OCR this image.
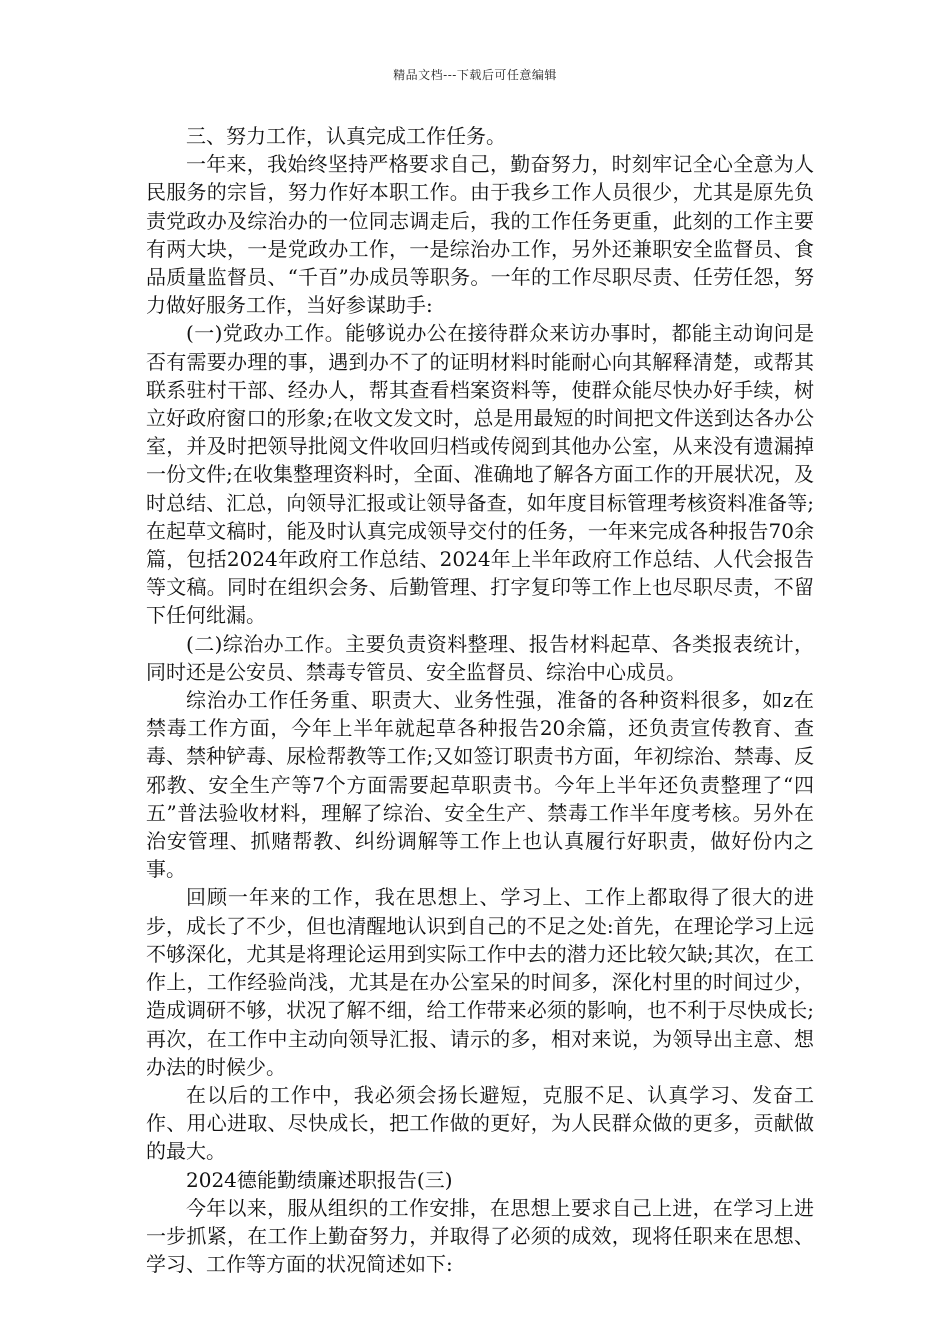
精品文档---下载后可任意编辑

三、努力工作，认真完成工作任务。

一年来，我始终坚持严格要求自己，勤奋努力，时刻牢记全心全意为人民服务的宗旨，努力作好本职工作。由于我乡工作人员很少，尤其是原先负责党政办及综治办的一位同志调走后，我的工作任务更重，此刻的工作主要有两大块，一是党政办工作，一是综治办工作，另外还兼职安全监督员、食品质量监督员、“千百”办成员等职务。一年的工作尽职尽责、任劳任怨，努力做好服务工作，当好参谋助手:

(一)党政办工作。能够说办公在接待群众来访办事时，都能主动询问是否有需要办理的事，遇到办不了的证明材料时能耐心向其解释清楚，或帮其联系驻村干部、经办人，帮其查看档案资料等，使群众能尽快办好手续，树立好政府窗口的形象;在收文发文时，总是用最短的时间把文件送到达各办公室，并及时把领导批阅文件收回归档或传阅到其他办公室，从来没有遗漏掉一份文件;在收集整理资料时，全面、准确地了解各方面工作的开展状况，及时总结、汇总，向领导汇报或让领导备查，如年度目标管理考核资料准备等;在起草文稿时，能及时认真完成领导交付的任务，一年来完成各种报告70余篇，包括2024年政府工作总结、2024年上半年政府工作总结、人代会报告等文稿。同时在组织会务、后勤管理、打字复印等工作上也尽职尽责，不留下任何纰漏。

(二)综治办工作。主要负责资料整理、报告材料起草、各类报表统计，同时还是公安员、禁毒专管员、安全监督员、综治中心成员。

综治办工作任务重、职责大、业务性强，准备的各种资料很多，如z在禁毒工作方面，今年上半年就起草各种报告20余篇，还负责宣传教育、查毒、禁种铲毒、尿检帮教等工作;又如签订职责书方面，年初综治、禁毒、反邪教、安全生产等7个方面需要起草职责书。今年上半年还负责整理了“四五”普法验收材料，理解了综治、安全生产、禁毒工作半年度考核。另外在治安管理、抓赌帮教、纠纷调解等工作上也认真履行好职责，做好份内之事。

回顾一年来的工作，我在思想上、学习上、工作上都取得了很大的进步，成长了不少，但也清醒地认识到自己的不足之处:首先，在理论学习上远不够深化，尤其是将理论运用到实际工作中去的潜力还比较欠缺;其次，在工作上，工作经验尚浅，尤其是在办公室呆的时间多，深化村里的时间过少，造成调研不够，状况了解不细，给工作带来必须的影响，也不利于尽快成长;再次，在工作中主动向领导汇报、请示的多，相对来说，为领导出主意、想办法的时候少。

在以后的工作中，我必须会扬长避短，克服不足、认真学习、发奋工作、用心进取、尽快成长，把工作做的更好，为人民群众做的更多，贡献做的最大。

2024德能勤绩廉述职报告(三)

今年以来，服从组织的工作安排，在思想上要求自己上进，在学习上进一步抓紧，在工作上勤奋努力，并取得了必须的成效，现将任职来在思想、学习、工作等方面的状况简述如下:
